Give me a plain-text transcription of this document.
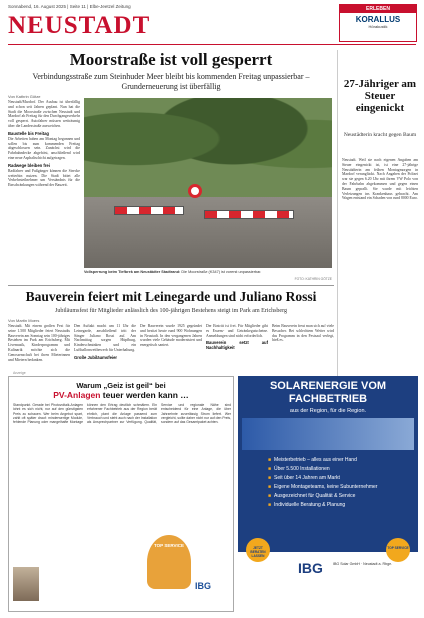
Sonnabend, 16. August 2025 | Seite 11 | Elbe-Jeetzel Zeitung
NEUSTADT
ERLEBEN
KORALLUS
Hörakustik
Moorstraße ist voll gesperrt
Verbindungsstraße zum Steinhuder Meer bleibt bis kommenden Freitag unpassierbar – Grunderneuerung ist überfällig
Von Kathrin Götze
Neustadt/Mardorf. Der Ausbau ist überfällig und schon seit Jahren geplant. Nun hat die Stadt die Moorstraße zwischen Neustadt und Mardorf ab Freitag für den Durchgangsverkehr voll gesperrt. Autofahrer müssen weiträumig über die Landesstraße ausweichen.
Baustelle bis Freitag
Die Arbeiten haben am Montag begonnen und sollen bis zum kommenden Freitag abgeschlossen sein. Zunächst wird die Fahrbahndecke abgefräst, anschließend wird eine neue Asphaltschicht aufgetragen.
Radwege bleiben frei
Radfahrer und Fußgänger können die Strecke weiterhin nutzen. Die Stadt bittet alle Verkehrsteilnehmer um Verständnis für die Einschränkungen während der Bauzeit.
Vollsperrung beim Tiefbrek am Neustädter Stadtrand: Die Moorstraße (K347) ist vorerst unpassierbar.
FOTO: KATHRIN GÖTZE
27-Jähriger am Steuer eingenickt
Neustädterin kracht gegen Baum
Neustadt. Weil sie nach eigenen Angaben am Steuer eingenickt ist, ist eine 27-jährige Neustädterin am frühen Montagmorgen in Mardorf verunglückt. Nach Angaben der Polizei war sie gegen 6.20 Uhr mit ihrem VW Polo von der Fahrbahn abgekommen und gegen einen Baum geprallt. Sie wurde mit leichten Verletzungen ins Krankenhaus gebracht. Am Wagen entstand ein Schaden von rund 8000 Euro.
Bauverein feiert mit Leinegarde und Juliano Rossi
Jubiläumsfest für Mitglieder anlässlich des 100-jährigen Bestehens steigt im Park am Erichsberg
Von Martin Moers
Neustadt. Mit einem großen Fest für seine 1.500 Mitglieder feiert Neustadts Bauverein am Sonntag sein 100-jähriges Bestehen im Park am Erichsberg. Mit Livemusik, Kinderprogramm und Kulinarik möchte sich die Genossenschaft bei ihren Mieterinnen und Mietern bedanken.
Den Auftakt macht um 11 Uhr die Leinegarde, anschließend tritt der Sänger Juliano Rossi auf. Am Nachmittag sorgen Hüpfburg, Kinderschminken und ein Luftballonwettbewerb für Unterhaltung.
Große Jubiläumsfeier
Der Bauverein wurde 1925 gegründet und besitzt heute rund 900 Wohnungen in Neustadt. In den vergangenen Jahren wurden viele Gebäude modernisiert und energetisch saniert.
Der Eintritt ist frei. Für Mitglieder gibt es Essens- und Getränkegutscheine. Anmeldungen sind nicht erforderlich.
Bauverein setzt auf Nachhaltigkeit
Beim Bauverein freut man sich auf viele Besucher. Bei schlechtem Wetter wird das Programm in den Festsaal verlegt, hieß es.
Anzeige
Warum „Geiz ist geil“ bei
PV-Anlagen teuer werden kann …
Standpunkt. Gerade bei Photovoltaik-Anlagen lohnt es sich nicht, nur auf den günstigsten Preis zu schauen. Wer beim Angebot spart, zahlt oft später drauf: minderwertige Module, fehlende Planung oder mangelhafte Montage können den Ertrag deutlich schmälern. Ein erfahrener Fachbetrieb aus der Region berät ehrlich, plant die Anlage passend zum Verbrauch und steht auch nach der Installation als Ansprechpartner zur Verfügung. Qualität, Service und regionale Nähe sind entscheidend für eine Anlage, die über Jahrzehnte zuverlässig Strom liefert. Wer vergleicht, sollte daher nicht nur auf den Preis, sondern auf das Gesamtpaket achten.
TOP SERVICE
IBG
SOLARENERGIE VOM FACHBETRIEB
aus der Region, für die Region.
■ Meisterbetrieb – alles aus einer Hand
■ Über 5.500 Installationen
■ Seit über 14 Jahren am Markt
■ Eigene Montageteams, keine Subunternehmer
■ Ausgezeichnet für Qualität & Service
■ Individuelle Beratung & Planung
JETZT BERATEN LASSEN
TOP SERVICE
IBG	IBG Solar GmbH · Neustadt a. Rbge.
